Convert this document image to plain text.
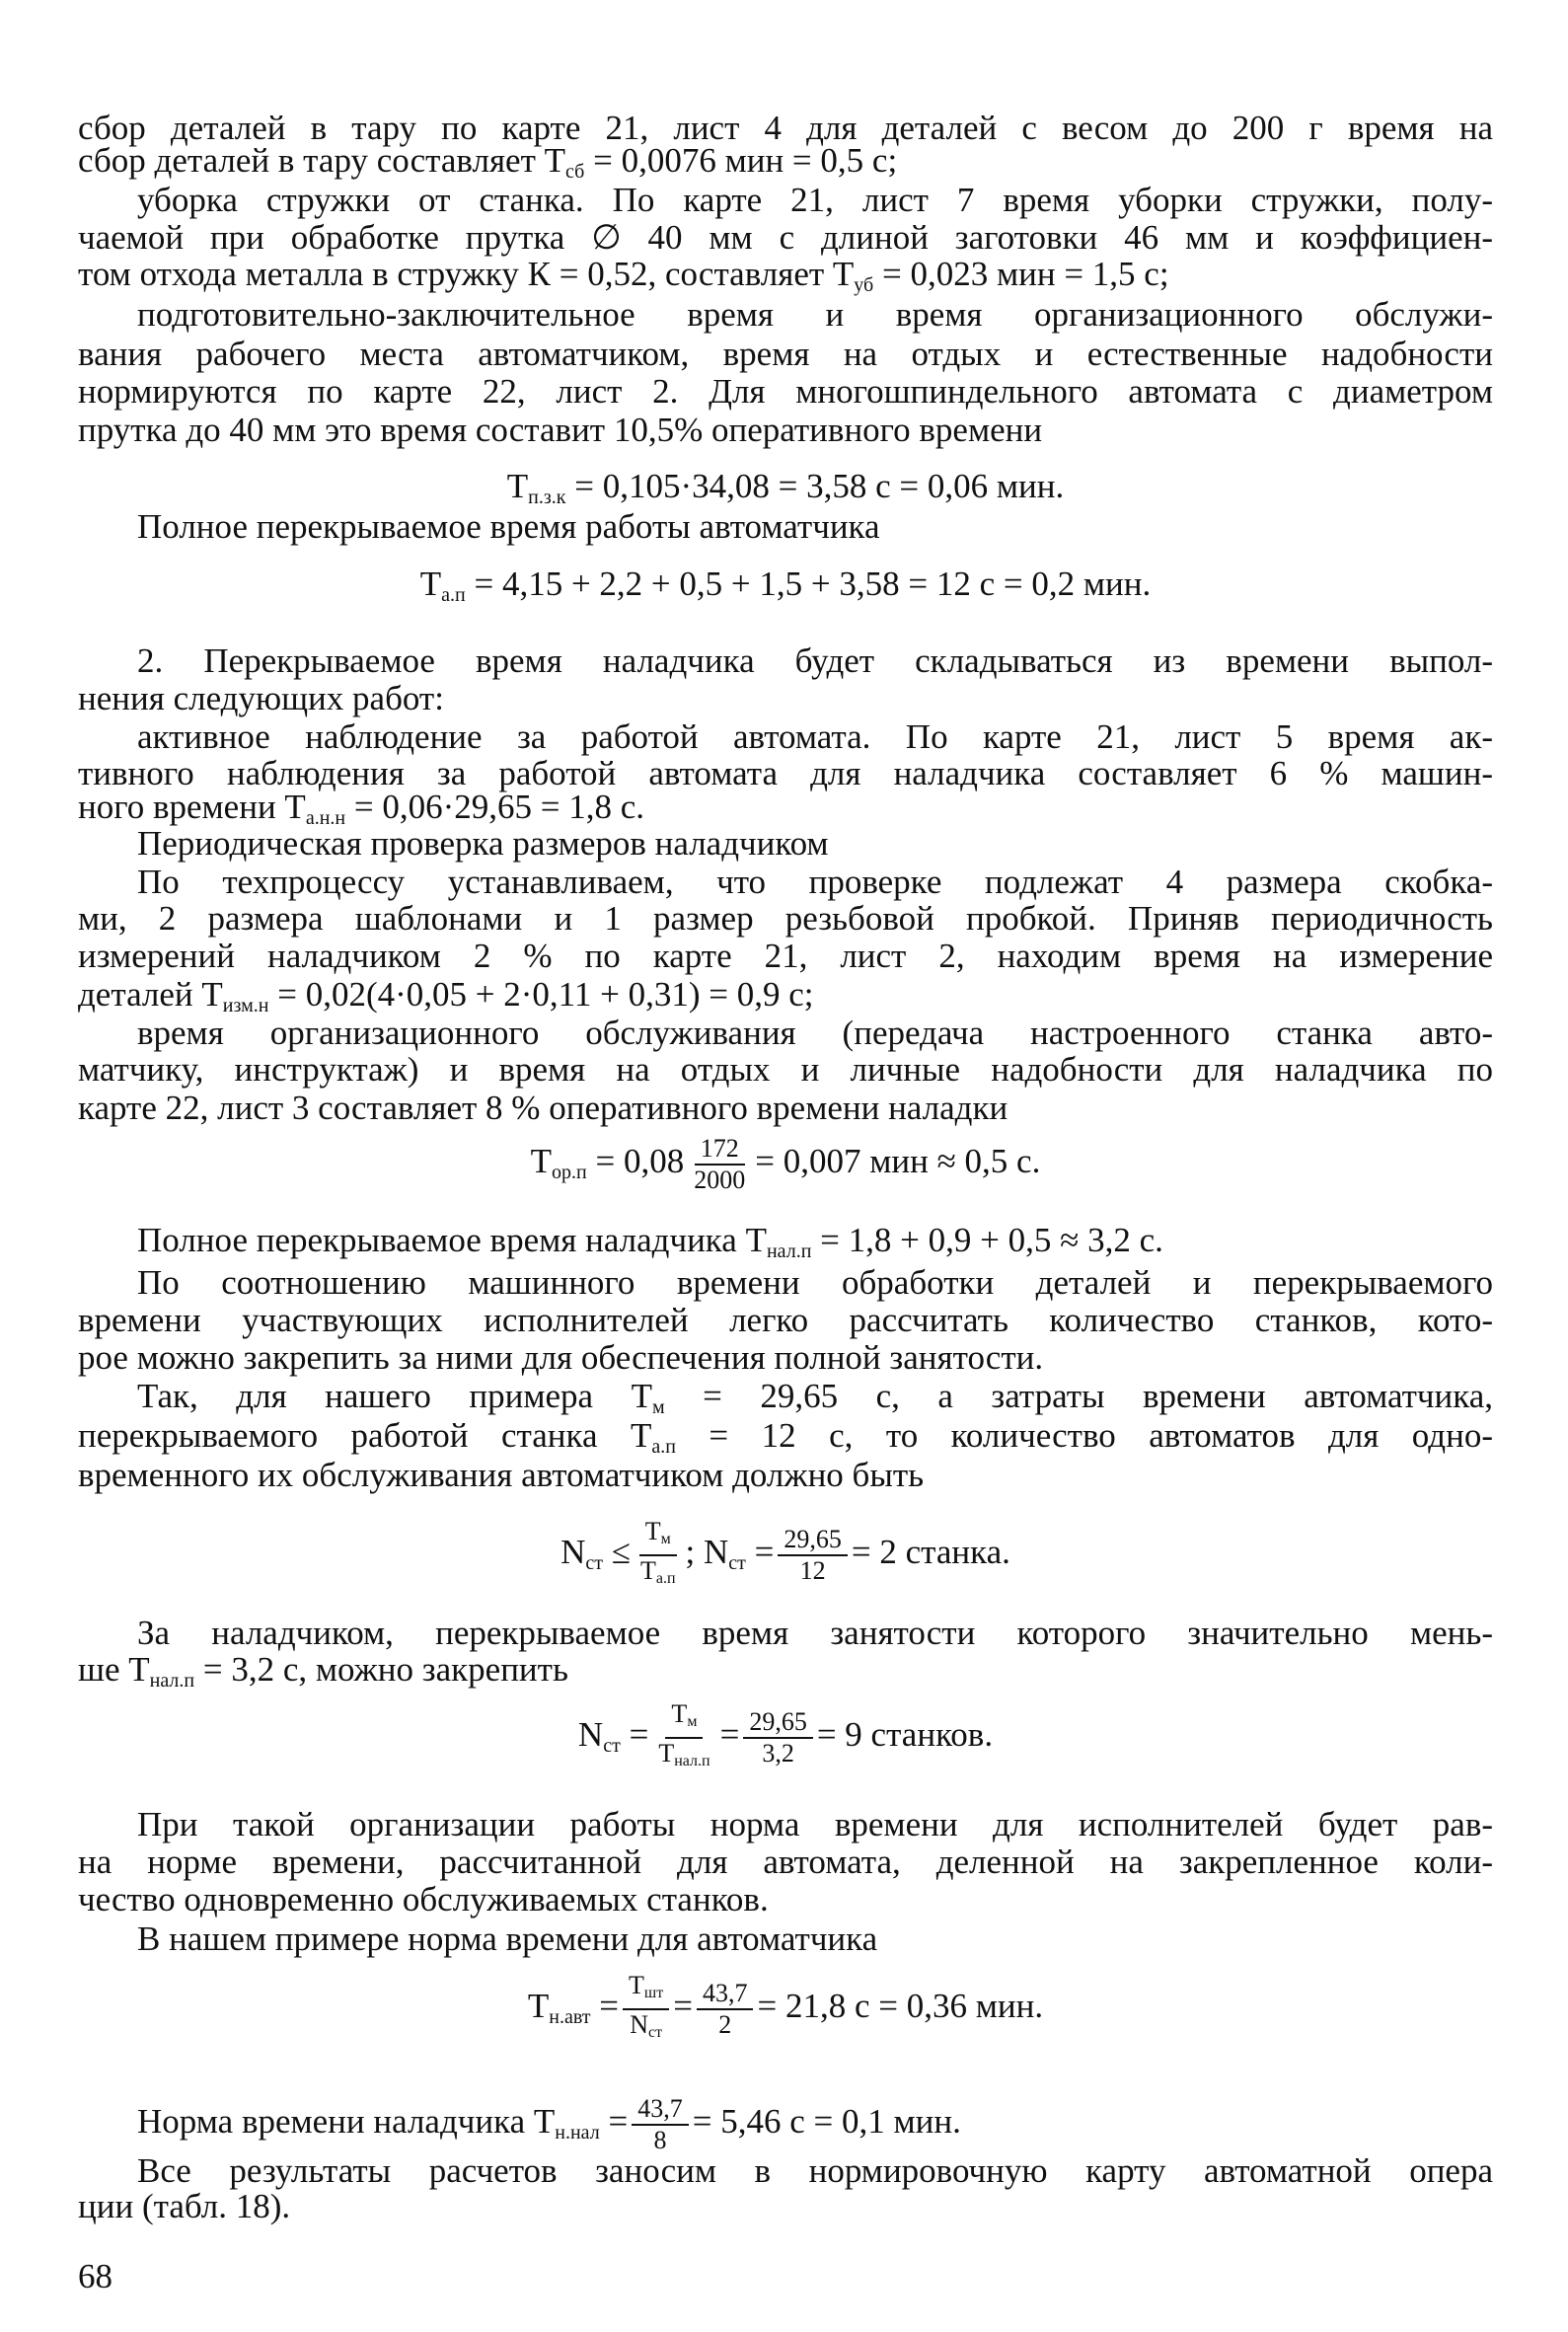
сбор деталей в тару по карте 21, лист 4 для деталей с весом до 200 г время на
сбор деталей в тару составляет $T_{сб} = 0,0076$ мин = 0,5 с;
уборка стружки от станка. По карте 21, лист 7 время уборки стружки, полу-
чаемой при обработке прутка ∅ 40 мм с длиной заготовки 46 мм и коэффициен-
том отхода металла в стружку К = 0,52, составляет $T_{уб} = 0,023$ мин = 1,5 с;
подготовительно-заключительное время и время организационного обслужи-
вания рабочего места автоматчиком, время на отдых и естественные надобности
нормируются по карте 22, лист 2. Для многошпиндельного автомата с диаметром
прутка до 40 мм это время составит 10,5% оперативного времени
$T_{п.з.к} = 0,105\cdot 34,08 = 3,58$ с = 0,06 мин.
Полное перекрываемое время работы автоматчика
$T_{а.п} = 4,15 + 2,2 + 0,5 + 1,5 + 3,58 = 12$ с = 0,2 мин.
2. Перекрываемое время наладчика будет складываться из времени выпол-
нения следующих работ:
активное наблюдение за работой автомата. По карте 21, лист 5 время ак-
тивного наблюдения за работой автомата для наладчика составляет 6 % машин-
ного времени $T_{а.н.н} = 0,06\cdot 29,65 = 1,8$ с.
Периодическая проверка размеров наладчиком
По техпроцессу устанавливаем, что проверке подлежат 4 размера скобка-
ми, 2 размера шаблонами и 1 размер резьбовой пробкой. Приняв периодичность
измерений наладчиком 2 % по карте 21, лист 2, находим время на измерение
деталей $T_{изм.н} = 0,02(4\cdot 0,05 + 2\cdot 0,11 + 0,31) = 0,9$ с;
время организационного обслуживания (передача настроенного станка авто-
матчику, инструктаж) и время на отдых и личные надобности для наладчика по
карте 22, лист 3 составляет 8 % оперативного времени наладки
$T_{ор.п} = 0,08 \frac{172}{2000} = 0,007$ мин ≈ 0,5 с.
Полное перекрываемое время наладчика $T_{нал.п} = 1,8 + 0,9 + 0,5 \approx 3,2$ с.
По соотношению машинного времени обработки деталей и перекрываемого
времени участвующих исполнителей легко рассчитать количество станков, кото-
рое можно закрепить за ними для обеспечения полной занятости.
Так, для нашего примера $T_м = 29,65$ с, а затраты времени автоматчика,
перекрываемого работой станка $T_{а.п} = 12$ с, то количество автоматов для одно-
временного их обслуживания автоматчиком должно быть
$N_{ст} \le \frac{T_м}{T_{а.п}}$ ; $N_{ст} = \frac{29,65}{12} = 2$ станка.
За наладчиком, перекрываемое время занятости которого значительно мень-
ше $T_{нал.п} = 3,2$ с, можно закрепить
$N_{ст} = \frac{T_м}{T_{нал.п}} = \frac{29,65}{3,2} = 9$ станков.
При такой организации работы норма времени для исполнителей будет рав-
на норме времени, рассчитанной для автомата, деленной на закрепленное коли-
чество одновременно обслуживаемых станков.
В нашем примере норма времени для автоматчика
$T_{н.авт} = \frac{T_{шт}}{N_{ст}} = \frac{43,7}{2} = 21,8$ с = 0,36 мин.
Норма времени наладчика $T_{н.нал} = \frac{43,7}{8} = 5,46$ с = 0,1 мин.
Все результаты расчетов заносим в нормировочную карту автоматной опера
ции (табл. 18).
68
